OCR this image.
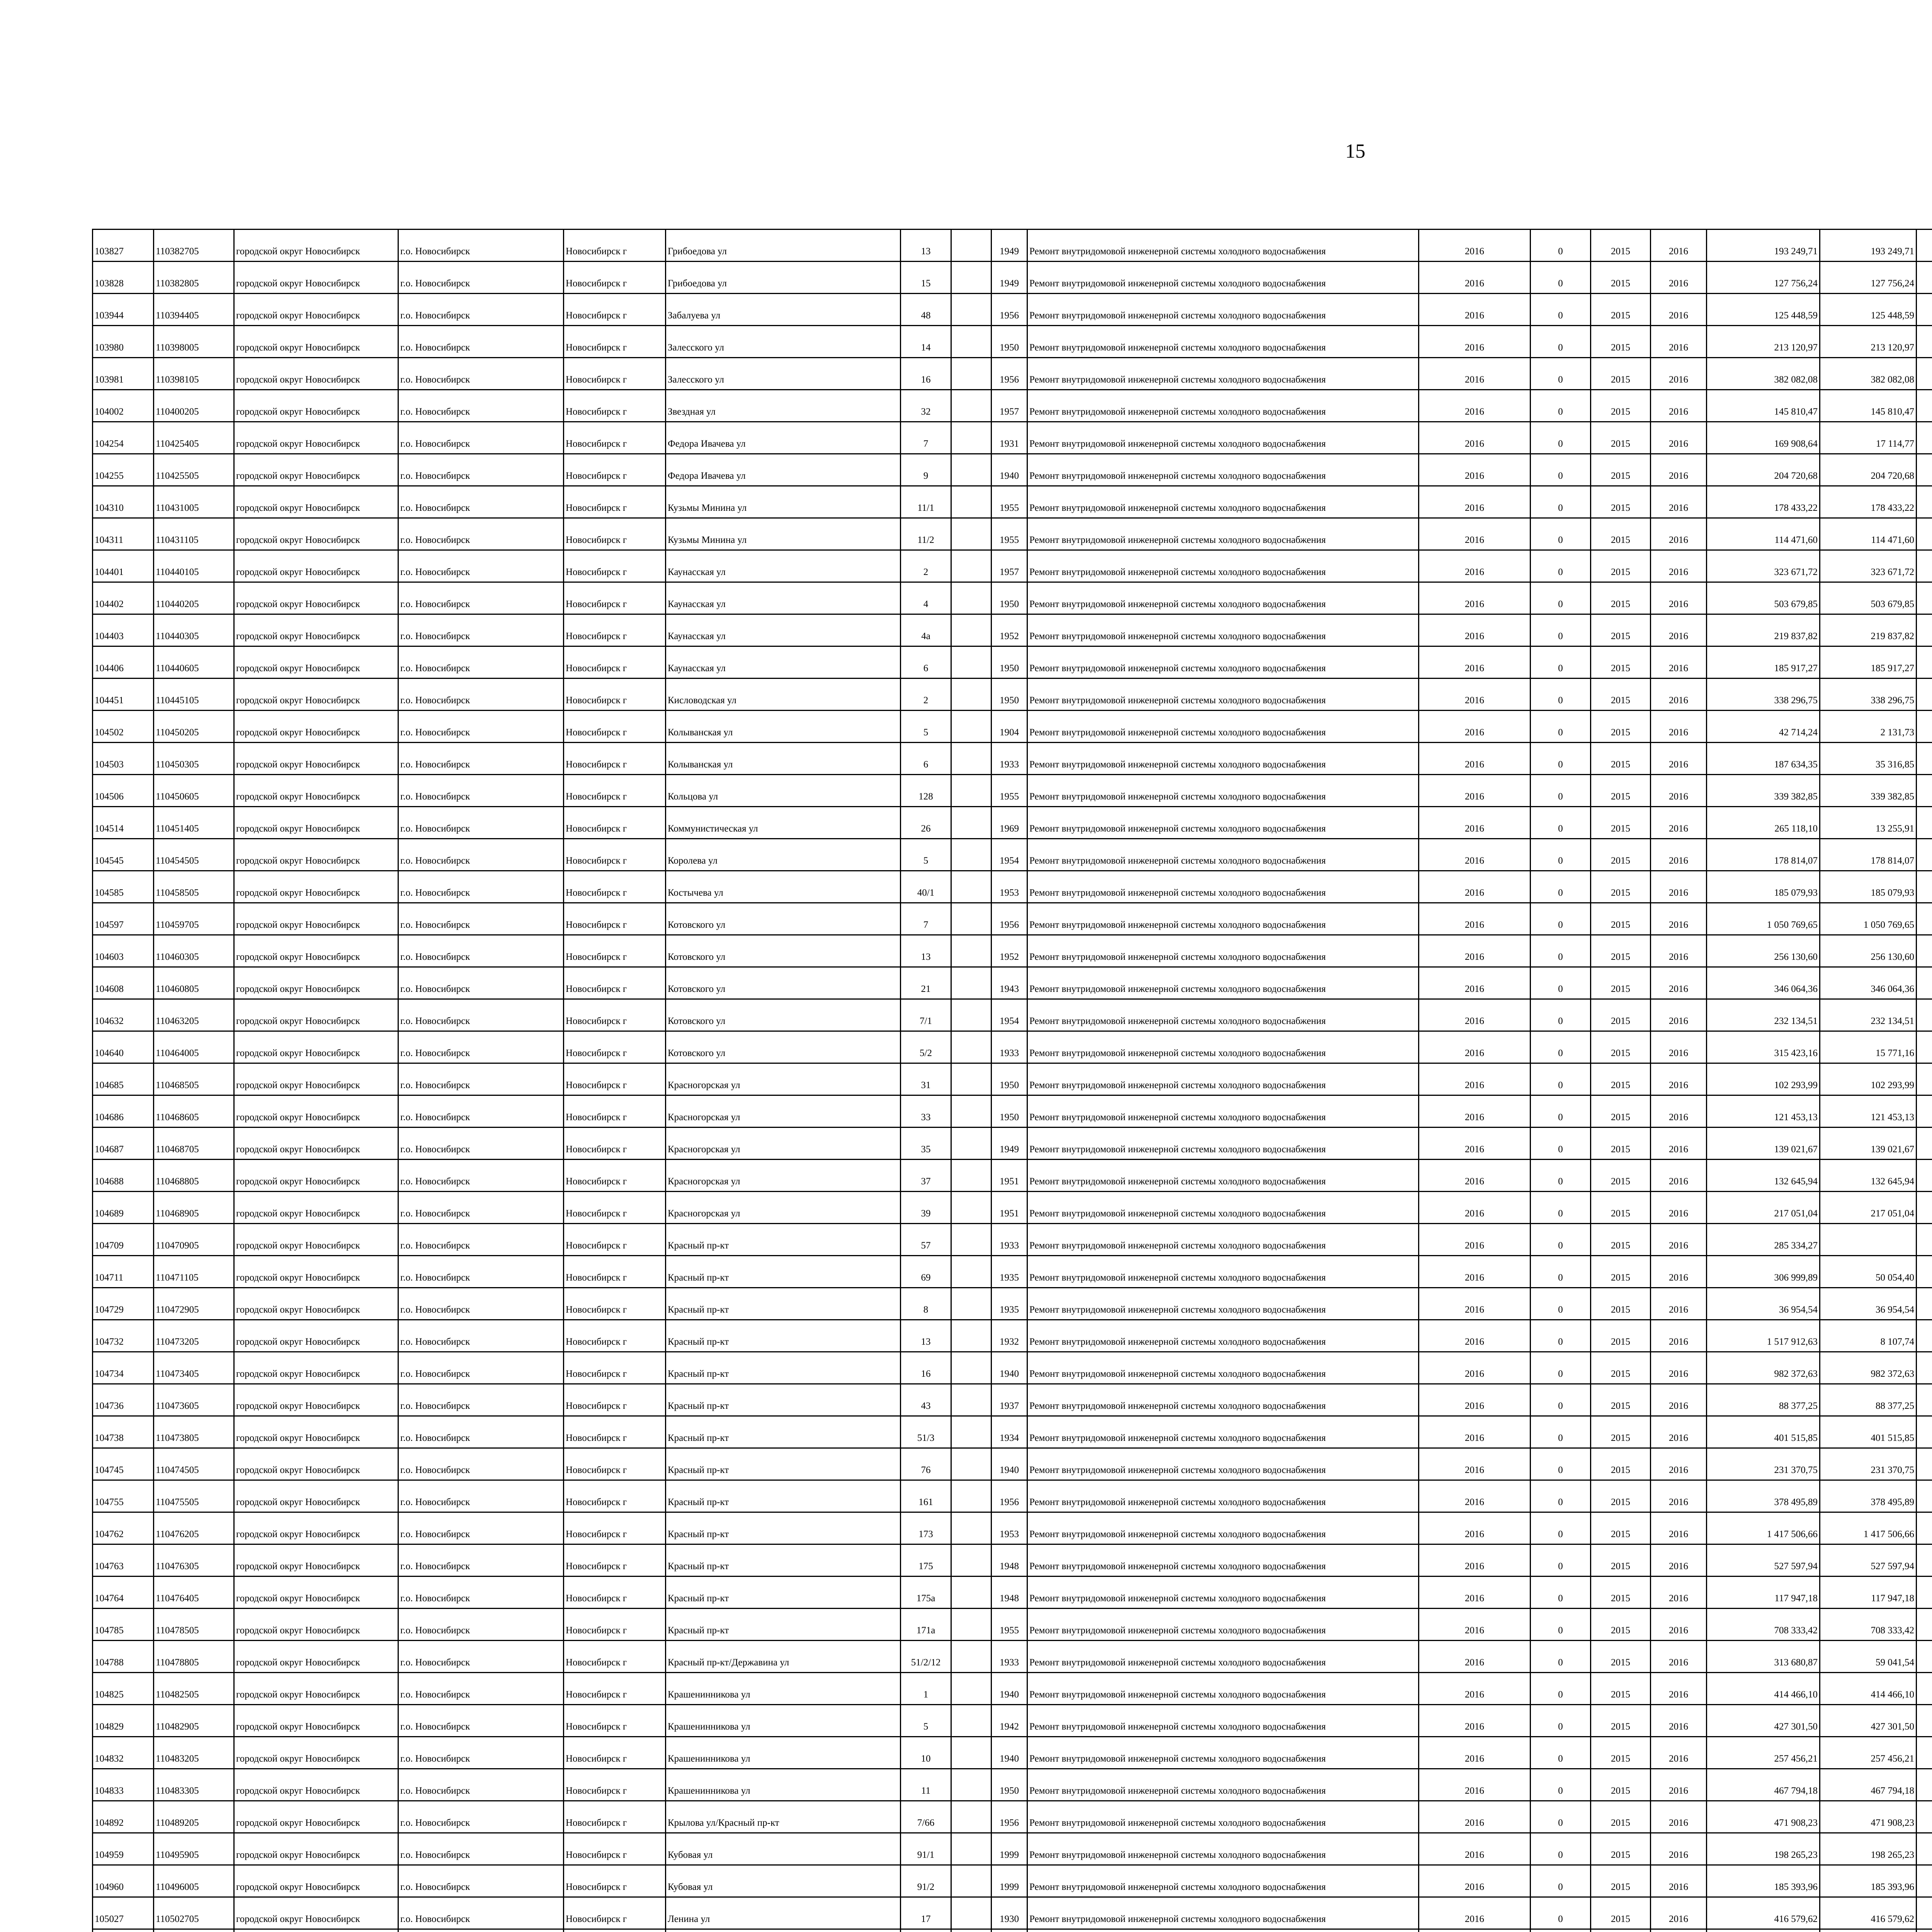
15
103827	110382705	городской округ Новосибирск	г.о. Новосибирск	Новосибирск г	Грибоедова ул	13		1949	Ремонт внутридомовой инженерной системы холодного водоснабжения	2016	0	2015	2016	193 249,71	193 249,71						
103828	110382805	городской округ Новосибирск	г.о. Новосибирск	Новосибирск г	Грибоедова ул	15		1949	Ремонт внутридомовой инженерной системы холодного водоснабжения	2016	0	2015	2016	127 756,24	127 756,24						
103944	110394405	городской округ Новосибирск	г.о. Новосибирск	Новосибирск г	Забалуева ул	48		1956	Ремонт внутридомовой инженерной системы холодного водоснабжения	2016	0	2015	2016	125 448,59	125 448,59						
103980	110398005	городской округ Новосибирск	г.о. Новосибирск	Новосибирск г	Залесского ул	14		1950	Ремонт внутридомовой инженерной системы холодного водоснабжения	2016	0	2015	2016	213 120,97	213 120,97						
103981	110398105	городской округ Новосибирск	г.о. Новосибирск	Новосибирск г	Залесского ул	16		1956	Ремонт внутридомовой инженерной системы холодного водоснабжения	2016	0	2015	2016	382 082,08	382 082,08						
104002	110400205	городской округ Новосибирск	г.о. Новосибирск	Новосибирск г	Звездная ул	32		1957	Ремонт внутридомовой инженерной системы холодного водоснабжения	2016	0	2015	2016	145 810,47	145 810,47						
104254	110425405	городской округ Новосибирск	г.о. Новосибирск	Новосибирск г	Федора Ивачева ул	7		1931	Ремонт внутридомовой инженерной системы холодного водоснабжения	2016	0	2015	2016	169 908,64	17 114,77						
104255	110425505	городской округ Новосибирск	г.о. Новосибирск	Новосибирск г	Федора Ивачева ул	9		1940	Ремонт внутридомовой инженерной системы холодного водоснабжения	2016	0	2015	2016	204 720,68	204 720,68						
104310	110431005	городской округ Новосибирск	г.о. Новосибирск	Новосибирск г	Кузьмы Минина ул	11/1		1955	Ремонт внутридомовой инженерной системы холодного водоснабжения	2016	0	2015	2016	178 433,22	178 433,22						
104311	110431105	городской округ Новосибирск	г.о. Новосибирск	Новосибирск г	Кузьмы Минина ул	11/2		1955	Ремонт внутридомовой инженерной системы холодного водоснабжения	2016	0	2015	2016	114 471,60	114 471,60						
104401	110440105	городской округ Новосибирск	г.о. Новосибирск	Новосибирск г	Каунасская ул	2		1957	Ремонт внутридомовой инженерной системы холодного водоснабжения	2016	0	2015	2016	323 671,72	323 671,72						
104402	110440205	городской округ Новосибирск	г.о. Новосибирск	Новосибирск г	Каунасская ул	4		1950	Ремонт внутридомовой инженерной системы холодного водоснабжения	2016	0	2015	2016	503 679,85	503 679,85						
104403	110440305	городской округ Новосибирск	г.о. Новосибирск	Новосибирск г	Каунасская ул	4а		1952	Ремонт внутридомовой инженерной системы холодного водоснабжения	2016	0	2015	2016	219 837,82	219 837,82						
104406	110440605	городской округ Новосибирск	г.о. Новосибирск	Новосибирск г	Каунасская ул	6		1950	Ремонт внутридомовой инженерной системы холодного водоснабжения	2016	0	2015	2016	185 917,27	185 917,27						
104451	110445105	городской округ Новосибирск	г.о. Новосибирск	Новосибирск г	Кисловодская ул	2		1950	Ремонт внутридомовой инженерной системы холодного водоснабжения	2016	0	2015	2016	338 296,75	338 296,75						
104502	110450205	городской округ Новосибирск	г.о. Новосибирск	Новосибирск г	Колыванская ул	5		1904	Ремонт внутридомовой инженерной системы холодного водоснабжения	2016	0	2015	2016	42 714,24	2 131,73						
104503	110450305	городской округ Новосибирск	г.о. Новосибирск	Новосибирск г	Колыванская ул	6		1933	Ремонт внутридомовой инженерной системы холодного водоснабжения	2016	0	2015	2016	187 634,35	35 316,85						
104506	110450605	городской округ Новосибирск	г.о. Новосибирск	Новосибирск г	Кольцова ул	128		1955	Ремонт внутридомовой инженерной системы холодного водоснабжения	2016	0	2015	2016	339 382,85	339 382,85						
104514	110451405	городской округ Новосибирск	г.о. Новосибирск	Новосибирск г	Коммунистическая ул	26		1969	Ремонт внутридомовой инженерной системы холодного водоснабжения	2016	0	2015	2016	265 118,10	13 255,91						
104545	110454505	городской округ Новосибирск	г.о. Новосибирск	Новосибирск г	Королева ул	5		1954	Ремонт внутридомовой инженерной системы холодного водоснабжения	2016	0	2015	2016	178 814,07	178 814,07						
104585	110458505	городской округ Новосибирск	г.о. Новосибирск	Новосибирск г	Костычева ул	40/1		1953	Ремонт внутридомовой инженерной системы холодного водоснабжения	2016	0	2015	2016	185 079,93	185 079,93						
104597	110459705	городской округ Новосибирск	г.о. Новосибирск	Новосибирск г	Котовского ул	7		1956	Ремонт внутридомовой инженерной системы холодного водоснабжения	2016	0	2015	2016	1 050 769,65	1 050 769,65						
104603	110460305	городской округ Новосибирск	г.о. Новосибирск	Новосибирск г	Котовского ул	13		1952	Ремонт внутридомовой инженерной системы холодного водоснабжения	2016	0	2015	2016	256 130,60	256 130,60						
104608	110460805	городской округ Новосибирск	г.о. Новосибирск	Новосибирск г	Котовского ул	21		1943	Ремонт внутридомовой инженерной системы холодного водоснабжения	2016	0	2015	2016	346 064,36	346 064,36						
104632	110463205	городской округ Новосибирск	г.о. Новосибирск	Новосибирск г	Котовского ул	7/1		1954	Ремонт внутридомовой инженерной системы холодного водоснабжения	2016	0	2015	2016	232 134,51	232 134,51						
104640	110464005	городской округ Новосибирск	г.о. Новосибирск	Новосибирск г	Котовского ул	5/2		1933	Ремонт внутридомовой инженерной системы холодного водоснабжения	2016	0	2015	2016	315 423,16	15 771,16						
104685	110468505	городской округ Новосибирск	г.о. Новосибирск	Новосибирск г	Красногорская ул	31		1950	Ремонт внутридомовой инженерной системы холодного водоснабжения	2016	0	2015	2016	102 293,99	102 293,99						
104686	110468605	городской округ Новосибирск	г.о. Новосибирск	Новосибирск г	Красногорская ул	33		1950	Ремонт внутридомовой инженерной системы холодного водоснабжения	2016	0	2015	2016	121 453,13	121 453,13						
104687	110468705	городской округ Новосибирск	г.о. Новосибирск	Новосибирск г	Красногорская ул	35		1949	Ремонт внутридомовой инженерной системы холодного водоснабжения	2016	0	2015	2016	139 021,67	139 021,67						
104688	110468805	городской округ Новосибирск	г.о. Новосибирск	Новосибирск г	Красногорская ул	37		1951	Ремонт внутридомовой инженерной системы холодного водоснабжения	2016	0	2015	2016	132 645,94	132 645,94						
104689	110468905	городской округ Новосибирск	г.о. Новосибирск	Новосибирск г	Красногорская ул	39		1951	Ремонт внутридомовой инженерной системы холодного водоснабжения	2016	0	2015	2016	217 051,04	217 051,04						
104709	110470905	городской округ Новосибирск	г.о. Новосибирск	Новосибирск г	Красный пр-кт	57		1933	Ремонт внутридомовой инженерной системы холодного водоснабжения	2016	0	2015	2016	285 334,27							
104711	110471105	городской округ Новосибирск	г.о. Новосибирск	Новосибирск г	Красный пр-кт	69		1935	Ремонт внутридомовой инженерной системы холодного водоснабжения	2016	0	2015	2016	306 999,89	50 054,40						
104729	110472905	городской округ Новосибирск	г.о. Новосибирск	Новосибирск г	Красный пр-кт	8		1935	Ремонт внутридомовой инженерной системы холодного водоснабжения	2016	0	2015	2016	36 954,54	36 954,54						
104732	110473205	городской округ Новосибирск	г.о. Новосибирск	Новосибирск г	Красный пр-кт	13		1932	Ремонт внутридомовой инженерной системы холодного водоснабжения	2016	0	2015	2016	1 517 912,63	8 107,74						
104734	110473405	городской округ Новосибирск	г.о. Новосибирск	Новосибирск г	Красный пр-кт	16		1940	Ремонт внутридомовой инженерной системы холодного водоснабжения	2016	0	2015	2016	982 372,63	982 372,63						
104736	110473605	городской округ Новосибирск	г.о. Новосибирск	Новосибирск г	Красный пр-кт	43		1937	Ремонт внутридомовой инженерной системы холодного водоснабжения	2016	0	2015	2016	88 377,25	88 377,25						
104738	110473805	городской округ Новосибирск	г.о. Новосибирск	Новосибирск г	Красный пр-кт	51/3		1934	Ремонт внутридомовой инженерной системы холодного водоснабжения	2016	0	2015	2016	401 515,85	401 515,85						
104745	110474505	городской округ Новосибирск	г.о. Новосибирск	Новосибирск г	Красный пр-кт	76		1940	Ремонт внутридомовой инженерной системы холодного водоснабжения	2016	0	2015	2016	231 370,75	231 370,75						
104755	110475505	городской округ Новосибирск	г.о. Новосибирск	Новосибирск г	Красный пр-кт	161		1956	Ремонт внутридомовой инженерной системы холодного водоснабжения	2016	0	2015	2016	378 495,89	378 495,89						
104762	110476205	городской округ Новосибирск	г.о. Новосибирск	Новосибирск г	Красный пр-кт	173		1953	Ремонт внутридомовой инженерной системы холодного водоснабжения	2016	0	2015	2016	1 417 506,66	1 417 506,66						
104763	110476305	городской округ Новосибирск	г.о. Новосибирск	Новосибирск г	Красный пр-кт	175		1948	Ремонт внутридомовой инженерной системы холодного водоснабжения	2016	0	2015	2016	527 597,94	527 597,94						
104764	110476405	городской округ Новосибирск	г.о. Новосибирск	Новосибирск г	Красный пр-кт	175а		1948	Ремонт внутридомовой инженерной системы холодного водоснабжения	2016	0	2015	2016	117 947,18	117 947,18						
104785	110478505	городской округ Новосибирск	г.о. Новосибирск	Новосибирск г	Красный пр-кт	171а		1955	Ремонт внутридомовой инженерной системы холодного водоснабжения	2016	0	2015	2016	708 333,42	708 333,42						
104788	110478805	городской округ Новосибирск	г.о. Новосибирск	Новосибирск г	Красный пр-кт/Державина ул	51/2/12		1933	Ремонт внутридомовой инженерной системы холодного водоснабжения	2016	0	2015	2016	313 680,87	59 041,54						
104825	110482505	городской округ Новосибирск	г.о. Новосибирск	Новосибирск г	Крашенинникова ул	1		1940	Ремонт внутридомовой инженерной системы холодного водоснабжения	2016	0	2015	2016	414 466,10	414 466,10						
104829	110482905	городской округ Новосибирск	г.о. Новосибирск	Новосибирск г	Крашенинникова ул	5		1942	Ремонт внутридомовой инженерной системы холодного водоснабжения	2016	0	2015	2016	427 301,50	427 301,50						
104832	110483205	городской округ Новосибирск	г.о. Новосибирск	Новосибирск г	Крашенинникова ул	10		1940	Ремонт внутридомовой инженерной системы холодного водоснабжения	2016	0	2015	2016	257 456,21	257 456,21						
104833	110483305	городской округ Новосибирск	г.о. Новосибирск	Новосибирск г	Крашенинникова ул	11		1950	Ремонт внутридомовой инженерной системы холодного водоснабжения	2016	0	2015	2016	467 794,18	467 794,18						
104892	110489205	городской округ Новосибирск	г.о. Новосибирск	Новосибирск г	Крылова ул/Красный пр-кт	7/66		1956	Ремонт внутридомовой инженерной системы холодного водоснабжения	2016	0	2015	2016	471 908,23	471 908,23						
104959	110495905	городской округ Новосибирск	г.о. Новосибирск	Новосибирск г	Кубовая ул	91/1		1999	Ремонт внутридомовой инженерной системы холодного водоснабжения	2016	0	2015	2016	198 265,23	198 265,23						
104960	110496005	городской округ Новосибирск	г.о. Новосибирск	Новосибирск г	Кубовая ул	91/2		1999	Ремонт внутридомовой инженерной системы холодного водоснабжения	2016	0	2015	2016	185 393,96	185 393,96						
105027	110502705	городской округ Новосибирск	г.о. Новосибирск	Новосибирск г	Ленина ул	17		1930	Ремонт внутридомовой инженерной системы холодного водоснабжения	2016	0	2015	2016	416 579,62	416 579,62						
